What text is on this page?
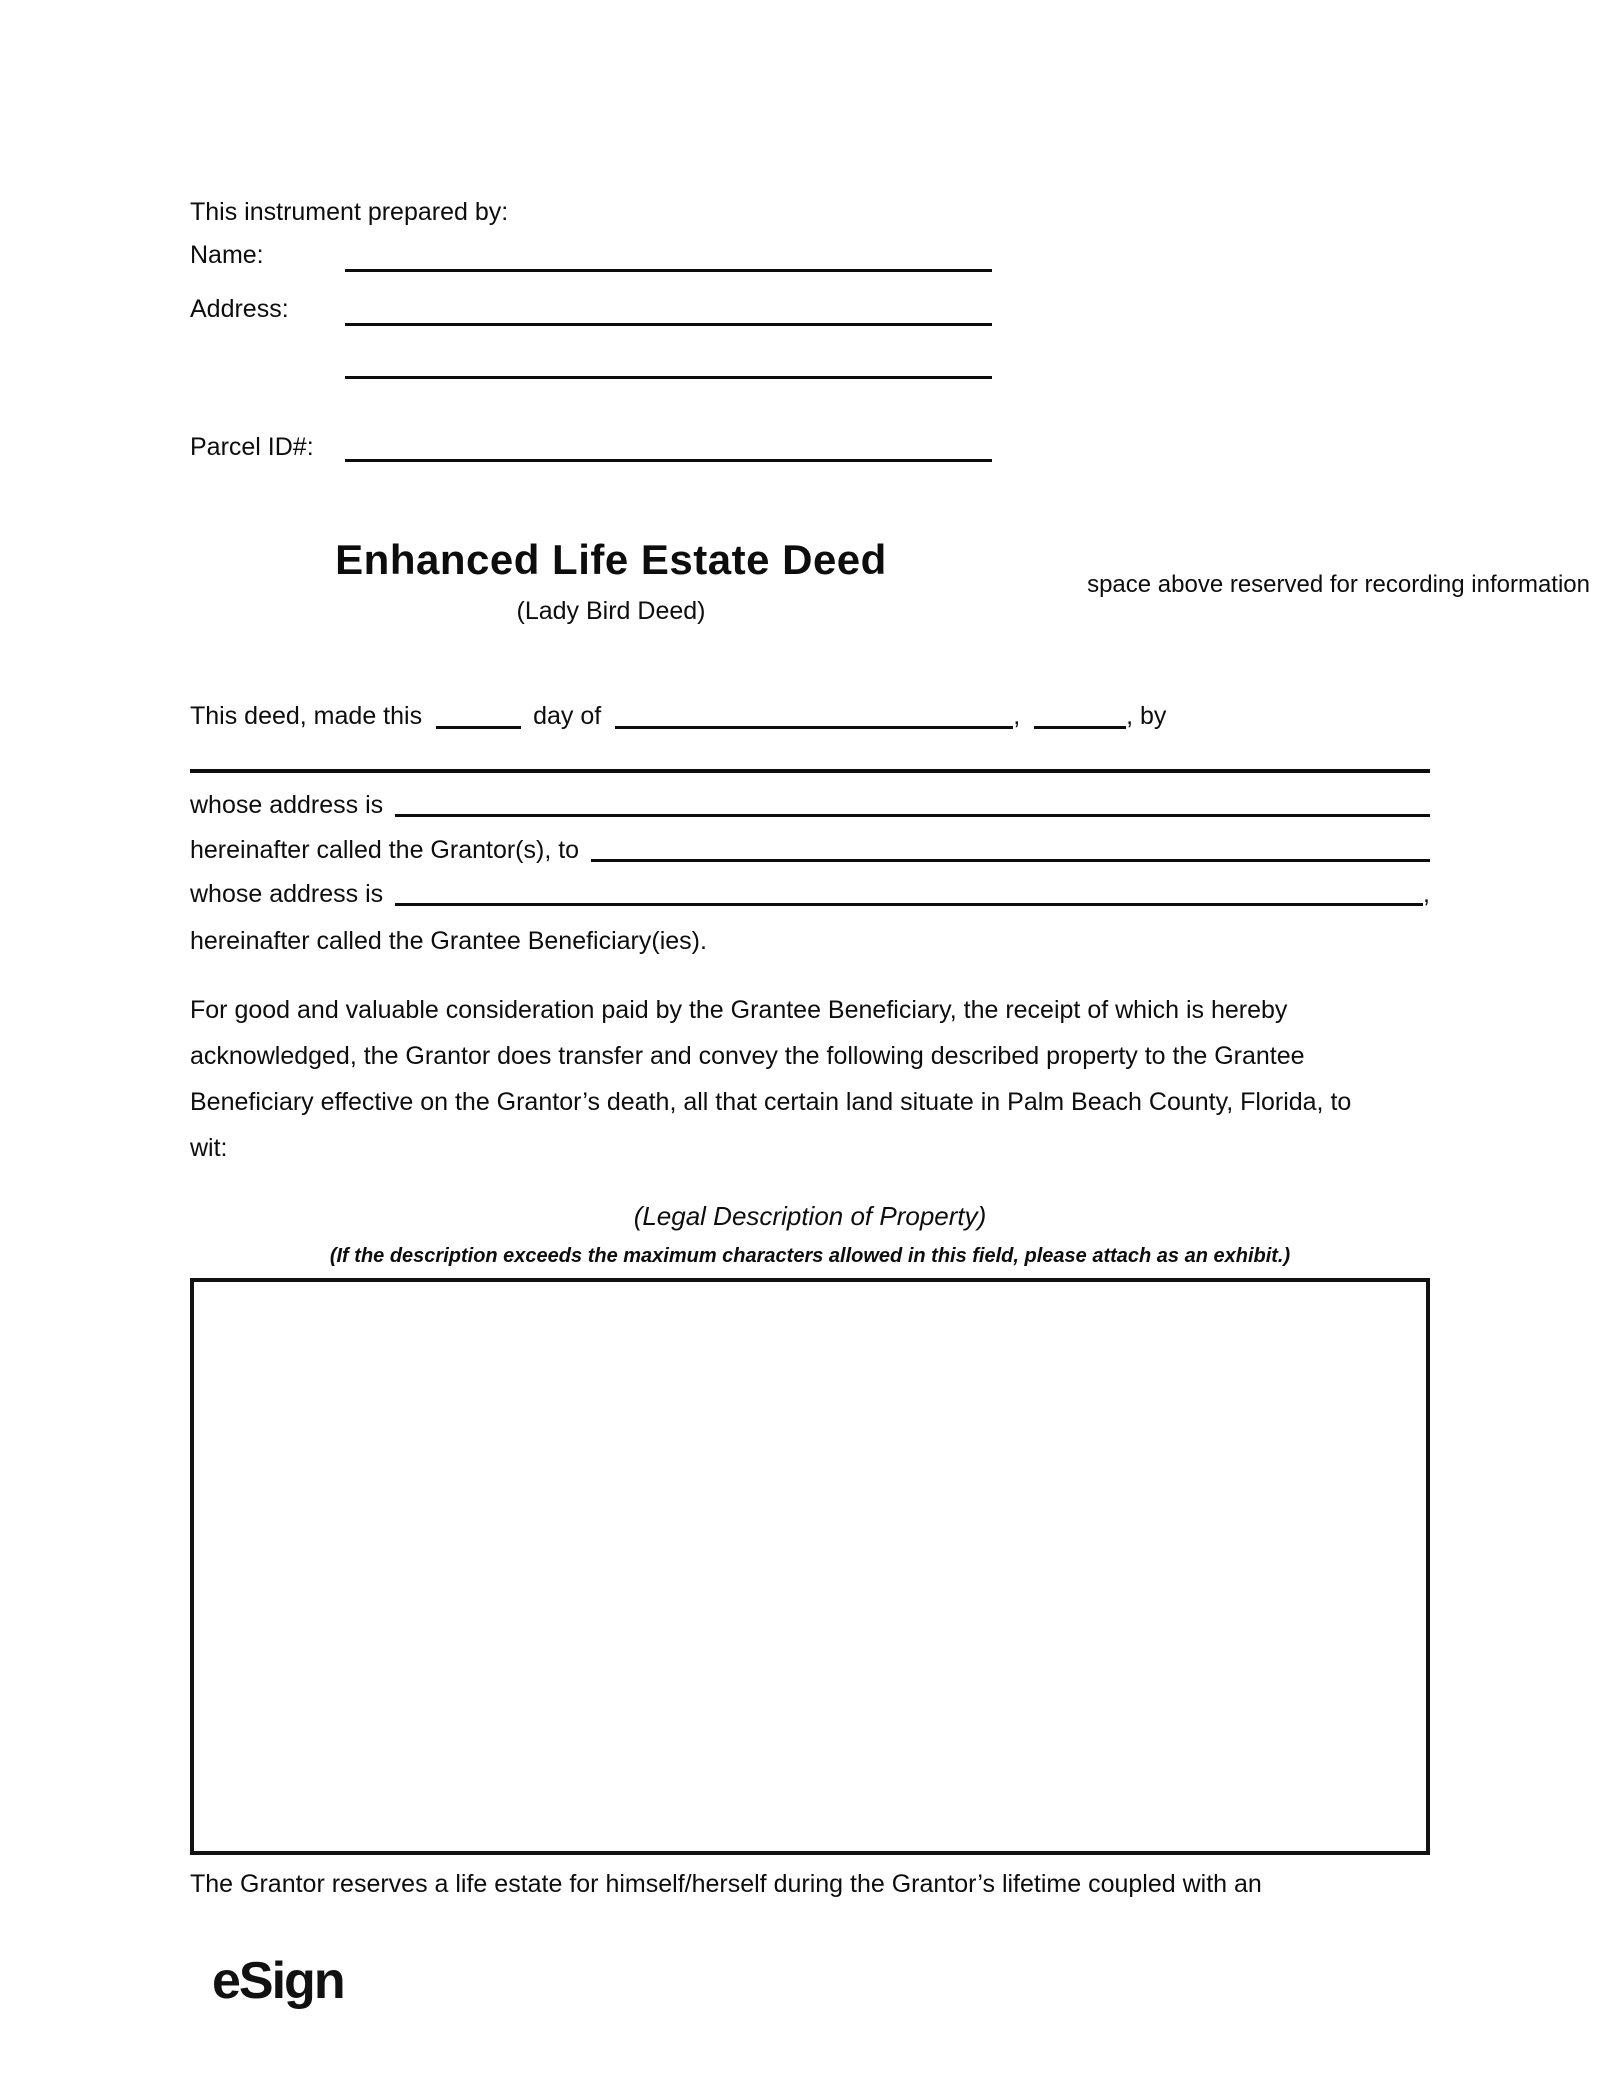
This instrument prepared by:
Name:
Address:
Parcel ID#:
Enhanced Life Estate Deed
(Lady Bird Deed)
space above reserved for recording information
This deed, made this	day of	,	, by
whose address is
hereinafter called the Grantor(s), to
whose address is	,
hereinafter called the Grantee Beneficiary(ies).
For good and valuable consideration paid by the Grantee Beneficiary, the receipt of which is hereby
acknowledged, the Grantor does transfer and convey the following described property to the Grantee
Beneficiary effective on the Grantor’s death, all that certain land situate in Palm Beach County, Florida, to
wit:
(Legal Description of Property)
(If the description exceeds the maximum characters allowed in this field, please attach as an exhibit.)
The Grantor reserves a life estate for himself/herself during the Grantor’s lifetime coupled with an
eSign
